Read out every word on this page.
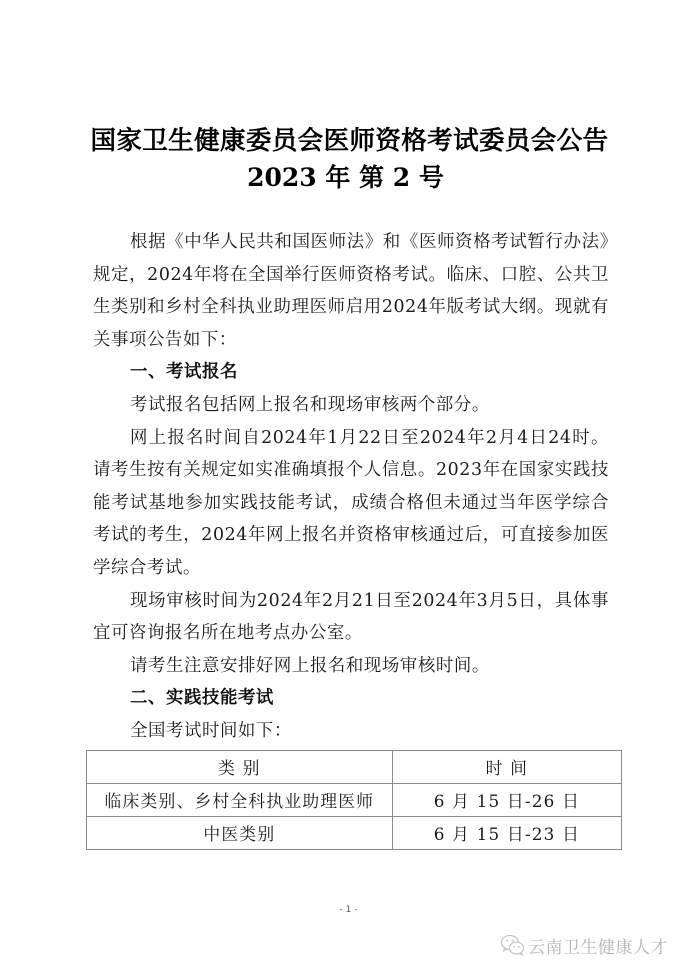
国家卫生健康委员会医师资格考试委员会公告
2023 年 第 2 号

根据《中华人民共和国医师法》和《医师资格考试暂行办法》规定，2024年将在全国举行医师资格考试。临床、口腔、公共卫生类别和乡村全科执业助理医师启用2024年版考试大纲。现就有关事项公告如下：

一、考试报名

考试报名包括网上报名和现场审核两个部分。

网上报名时间自2024年1月22日至2024年2月4日24时。请考生按有关规定如实准确填报个人信息。2023年在国家实践技能考试基地参加实践技能考试，成绩合格但未通过当年医学综合考试的考生，2024年网上报名并资格审核通过后，可直接参加医学综合考试。

现场审核时间为2024年2月21日至2024年3月5日，具体事宜可咨询报名所在地考点办公室。

请考生注意安排好网上报名和现场审核时间。

二、实践技能考试

全国考试时间如下：

类 别	时 间
临床类别、乡村全科执业助理医师	6 月 15 日-26 日
中医类别	6 月 15 日-23 日
- 1 -
云南卫生健康人才
